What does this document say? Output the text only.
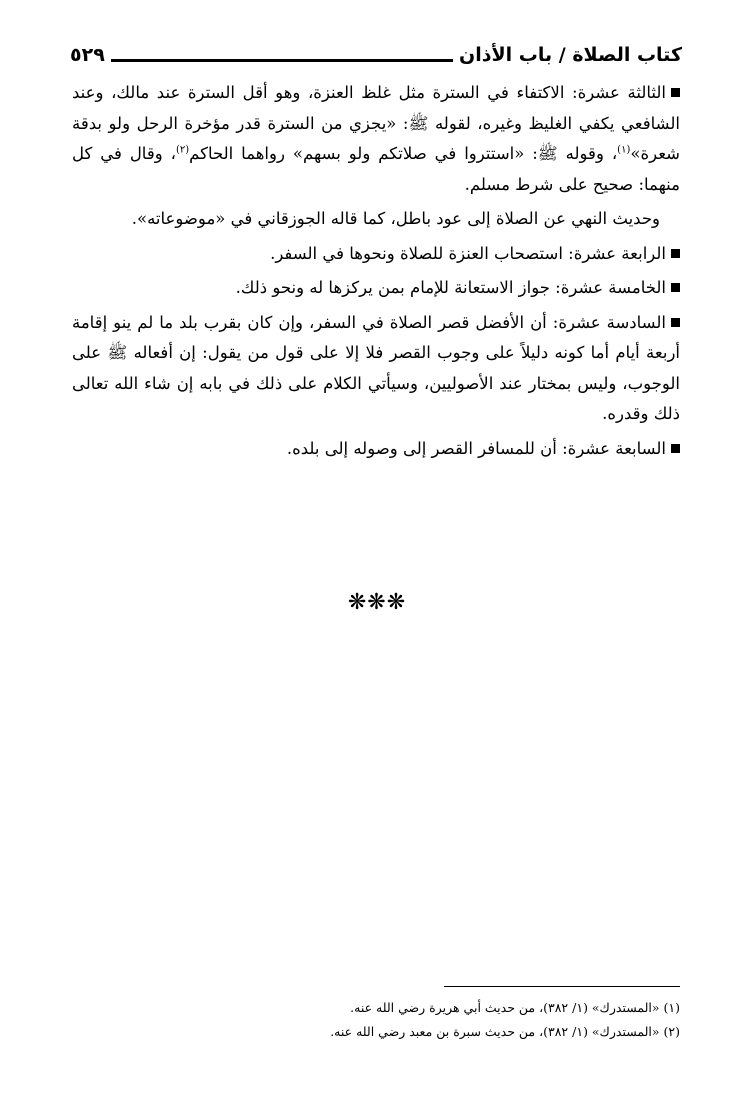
كتاب الصلاة / باب الأذان
٥٢٩

الثالثة عشرة: الاكتفاء في السترة مثل غلظ العنزة، وهو أقل السترة عند مالك، وعند الشافعي يكفي الغليظ وغيره، لقوله ﷺ: «يجزي من السترة قدر مؤخرة الرحل ولو بدقة شعرة»$^{(١)}$، وقوله ﷺ: «استتروا في صلاتكم ولو بسهم» رواهما الحاكم$^{(٢)}$، وقال في كل منهما: صحيح على شرط مسلم.

وحديث النهي عن الصلاة إلى عود باطل، كما قاله الجوزقاني في «موضوعاته».

الرابعة عشرة: استصحاب العنزة للصلاة ونحوها في السفر.

الخامسة عشرة: جواز الاستعانة للإمام بمن يركزها له ونحو ذلك.

السادسة عشرة: أن الأفضل قصر الصلاة في السفر، وإن كان بقرب بلد ما لم ينو إقامة أربعة أيام أما كونه دليلاً على وجوب القصر فلا إلا على قول من يقول: إن أفعاله ﷺ على الوجوب، وليس بمختار عند الأصوليين، وسيأتي الكلام على ذلك في بابه إن شاء الله تعالى ذلك وقدره.

السابعة عشرة: أن للمسافر القصر إلى وصوله إلى بلده.

❋❋❋

(١) «المستدرك» (١/ ٣٨٢)، من حديث أبي هريرة رضي الله عنه.

(٢) «المستدرك» (١/ ٣٨٢)، من حديث سبرة بن معبد رضي الله عنه.
